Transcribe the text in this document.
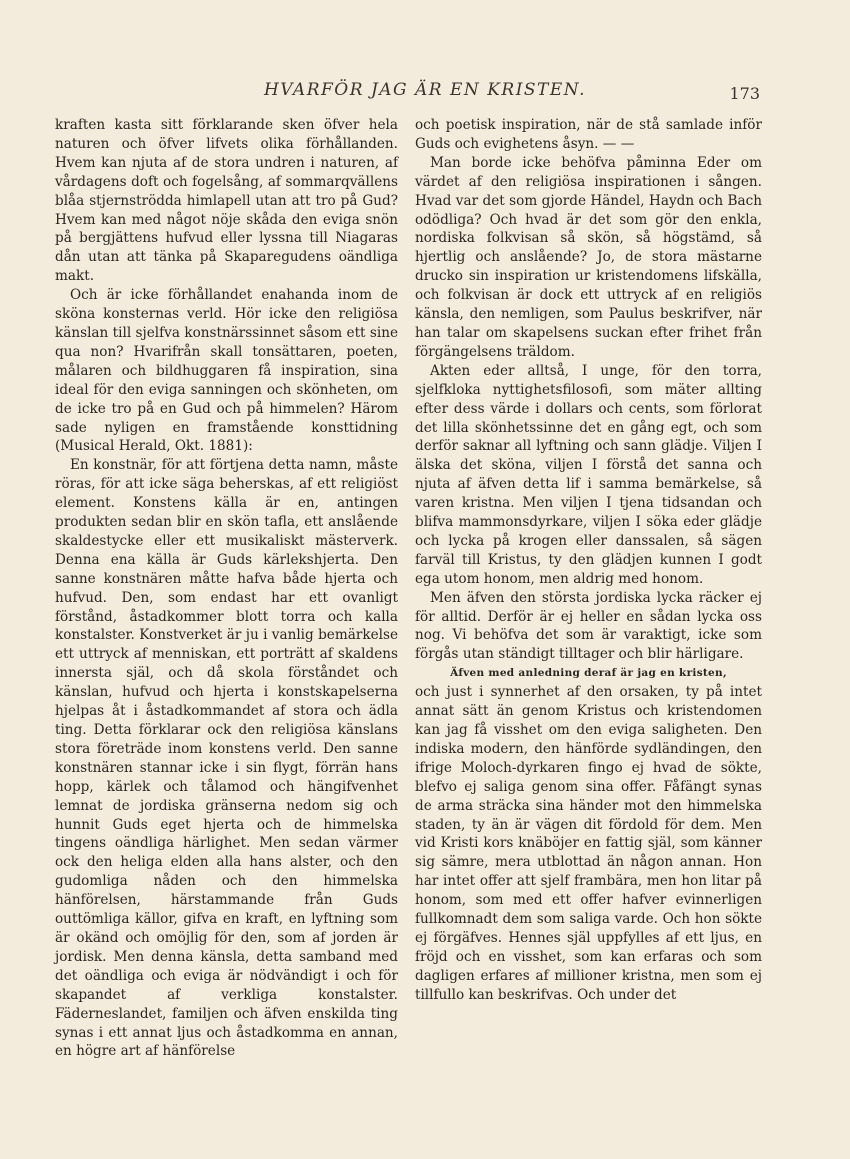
HVARFÖR JAG ÄR EN KRISTEN.	173

kraften kasta sitt förklarande sken öfver hela naturen och öfver lifvets olika förhållanden. Hvem kan njuta af de stora undren i naturen, af vårdagens doft och fogelsång, af sommarqvällens blåa stjernströdda himlapell utan att tro på Gud? Hvem kan med något nöje skåda den eviga snön på bergjättens hufvud eller lyssna till Niagaras dån utan att tänka på Skaparegudens oändliga makt.

Och är icke förhållandet enahanda inom de sköna konsternas verld. Hör icke den religiösa känslan till sjelfva konstnärssinnet såsom ett sine qua non? Hvarifrån skall tonsättaren, poeten, målaren och bildhuggaren få inspiration, sina ideal för den eviga sanningen och skönheten, om de icke tro på en Gud och på himmelen? Härom sade nyligen en framstående konsttidning (Musical Herald, Okt. 1881):

En konstnär, för att förtjena detta namn, måste röras, för att icke säga beherskas, af ett religiöst element. Konstens källa är en, antingen produkten sedan blir en skön tafla, ett anslående skaldestycke eller ett musikaliskt mästerverk. Denna ena källa är Guds kärlekshjerta. Den sanne konstnären måtte hafva både hjerta och hufvud. Den, som endast har ett ovanligt förstånd, åstadkommer blott torra och kalla konstalster. Konstverket är ju i vanlig bemärkelse ett uttryck af menniskan, ett porträtt af skaldens innersta själ, och då skola förståndet och känslan, hufvud och hjerta i konstskapelserna hjelpas åt i åstadkommandet af stora och ädla ting. Detta förklarar ock den religiösa känslans stora företräde inom konstens verld. Den sanne konstnären stannar icke i sin flygt, förrän hans hopp, kärlek och tålamod och hängifvenhet lemnat de jordiska gränserna nedom sig och hunnit Guds eget hjerta och de himmelska tingens oändliga härlighet. Men sedan värmer ock den heliga elden alla hans alster, och den gudomliga nåden och den himmelska hänförelsen, härstammande från Guds outtömliga källor, gifva en kraft, en lyftning som är okänd och omöjlig för den, som af jorden är jordisk. Men denna känsla, detta samband med det oändliga och eviga är nödvändigt i och för skapandet af verkliga konstalster. Fäderneslandet, familjen och äfven enskilda ting synas i ett annat ljus och åstadkomma en annan, en högre art af hänförelse

och poetisk inspiration, när de stå samlade inför Guds och evighetens åsyn. — —

Man borde icke behöfva påminna Eder om värdet af den religiösa inspirationen i sången. Hvad var det som gjorde Händel, Haydn och Bach odödliga? Och hvad är det som gör den enkla, nordiska folkvisan så skön, så högstämd, så hjertlig och anslående? Jo, de stora mästarne drucko sin inspiration ur kristendomens lifskälla, och folkvisan är dock ett uttryck af en religiös känsla, den nemligen, som Paulus beskrifver, när han talar om skapelsens suckan efter frihet från förgängelsens träldom.

Akten eder alltså, I unge, för den torra, sjelfkloka nyttighetsfilosofi, som mäter allting efter dess värde i dollars och cents, som förlorat det lilla skönhetssinne det en gång egt, och som derför saknar all lyftning och sann glädje. Viljen I älska det sköna, viljen I förstå det sanna och njuta af äfven detta lif i samma bemärkelse, så varen kristna. Men viljen I tjena tidsandan och blifva mammonsdyrkare, viljen I söka eder glädje och lycka på krogen eller danssalen, så sägen farväl till Kristus, ty den glädjen kunnen I godt ega utom honom, men aldrig med honom.

Men äfven den största jordiska lycka räcker ej för alltid. Derför är ej heller en sådan lycka oss nog. Vi behöfva det som är varaktigt, icke som förgås utan ständigt tilltager och blir härligare.

Äfven med anledning deraf är jag en kristen,

och just i synnerhet af den orsaken, ty på intet annat sätt än genom Kristus och kristendomen kan jag få visshet om den eviga saligheten. Den indiska modern, den hänförde sydländingen, den ifrige Moloch-dyrkaren fingo ej hvad de sökte, blefvo ej saliga genom sina offer. Fåfängt synas de arma sträcka sina händer mot den himmelska staden, ty än är vägen dit fördold för dem. Men vid Kristi kors knäböjer en fattig själ, som känner sig sämre, mera utblottad än någon annan. Hon har intet offer att sjelf frambära, men hon litar på honom, som med ett offer hafver evinnerligen fullkomnadt dem som saliga varde. Och hon sökte ej förgäfves. Hennes själ uppfylles af ett ljus, en fröjd och en visshet, som kan erfaras och som dagligen erfares af millioner kristna, men som ej tillfullo kan beskrifvas. Och under det
